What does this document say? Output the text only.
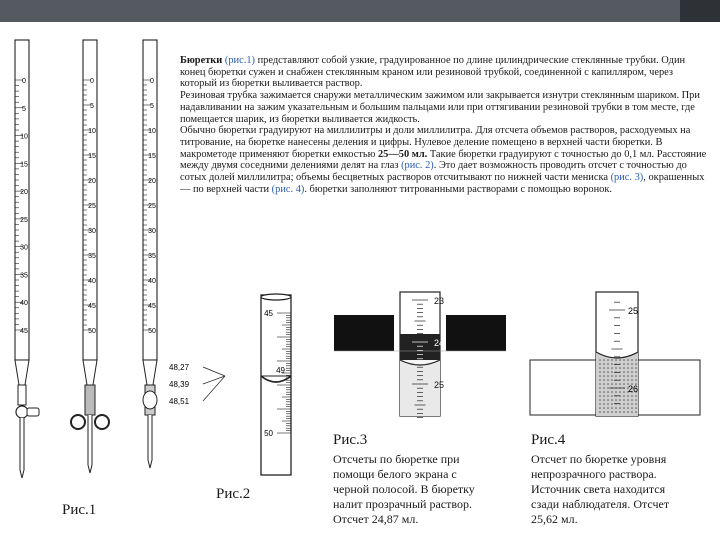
Бюретки (рис.1) представляют собой узкие, градуированное по длине цилиндрические стеклянные трубки. Один конец бюретки сужен и снабжен стеклянным краном или резиновой трубкой, соединенной с капилляром, через который из бюретки выливается раствор.

Резиновая трубка зажимается снаружи металлическим зажимом или закрывается изнутри стеклянным шариком. При надавливании на зажим указательным и большим пальцами или при оттягивании резиновой трубки в том месте, где помещается шарик, из бюретки выливается жидкость.

Обычно бюретки градуируют на миллилитры и доли миллилитра. Для отсчета объемов растворов, расходуемых на титрование, на бюретке нанесены деления и цифры. Нулевое деление помещено в верхней части бюретки. В макрометоде применяют бюретки емкостью 25—50 мл. Такие бюретки градуируют с точностью до 0,1 мл. Расстояние между двумя соседними делениями делят на глаз (рис. 2). Это дает возможность проводить отсчет с точностью до сотых долей миллилитра; объемы бесцветных растворов отсчитывают по нижней части мениска (рис. 3), окрашенных — по верхней части (рис. 4). бюретки заполняют титрованными растворами с помощью воронок.

0
5
10
15
20
25
30
35
40
45
0
5
10
15
20
25
30
35
40
45
50
0
5
10
15
20
25
30
35
40
45
50
Рис.1
45
50
49
48,27
48,39
48,51
Рис.2
23
24
25
Рис.3
Отсчеты по бюретке при
помощи белого экрана с
черной полосой. В бюретку
налит прозрачный раствор.
Отсчет 24,87 мл.
25
26
Рис.4
Отсчет по бюретке уровня
непрозрачного раствора.
Источник света находится
сзади наблюдателя. Отсчет
25,62 мл.
